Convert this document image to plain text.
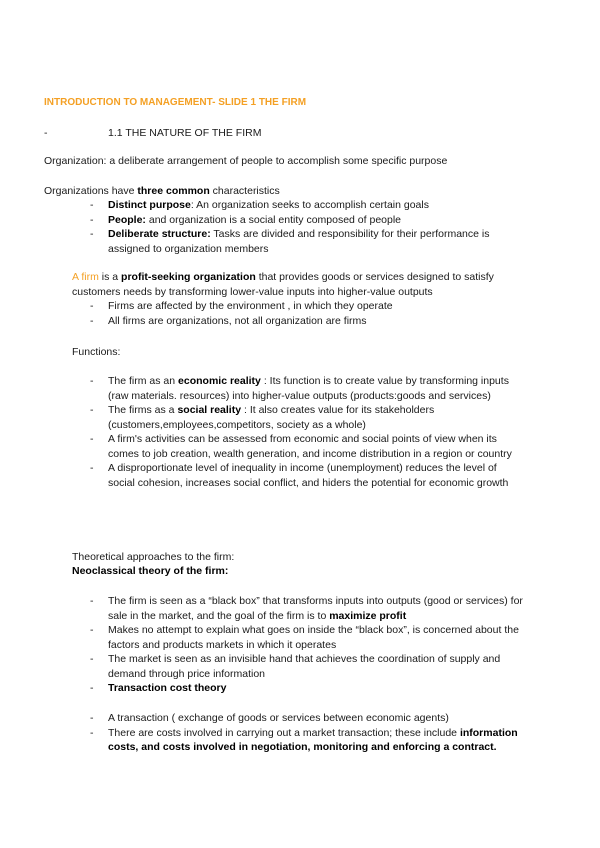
INTRODUCTION TO MANAGEMENT- SLIDE 1 THE FIRM
-	1.1 THE NATURE OF THE FIRM

Organization: a deliberate arrangement of people to accomplish some specific purpose

Organizations have three common characteristics

- Distinct purpose: An organization seeks to accomplish certain goals
- People: and organization is a social entity composed of people
- Deliberate structure: Tasks are divided and responsibility for their performance is assigned to organization members

A firm is a profit-seeking organization that provides goods or services designed to satisfy customers needs by transforming lower-value inputs into higher-value outputs

- Firms are affected by the environment , in which they operate
- All firms are organizations, not all organization are firms

Functions:

- The firm as an economic reality : Its function is to create value by transforming inputs (raw materials. resources) into higher-value outputs (products:goods and services)
- The firms as a social reality : It also creates value for its stakeholders (customers,employees,competitors, society as a whole)
- A firm's activities can be assessed from economic and social points of view when its comes to job creation, wealth generation, and income distribution in a region or country
- A disproportionate level of inequality in income (unemployment) reduces the level of social cohesion, increases social conflict, and hiders the potential for economic growth

Theoretical approaches to the firm:

Neoclassical theory of the firm:

- The firm is seen as a “black box” that transforms inputs into outputs (good or services) for sale in the market, and the goal of the firm is to maximize profit
- Makes no attempt to explain what goes on inside the “black box”, is concerned about the factors and products markets in which it operates
- The market is seen as an invisible hand that achieves the coordination of supply and demand through price information
- Transaction cost theory
- A transaction ( exchange of goods or services between economic agents)
- There are costs involved in carrying out a market transaction; these include information costs, and costs involved in negotiation, monitoring and enforcing a contract.
